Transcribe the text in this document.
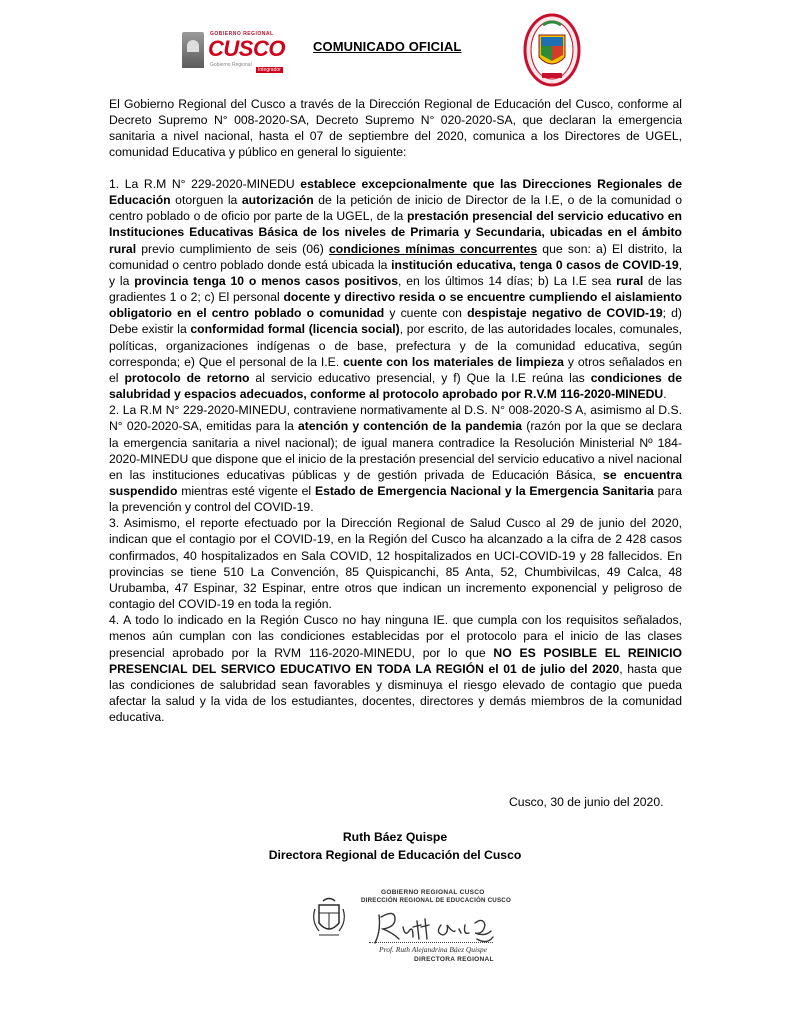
GOBIERNO REGIONAL
CUSCO
Gobierno Regional
Integrador
COMUNICADO OFICIAL

El Gobierno Regional del Cusco a través de la Dirección Regional de Educación del Cusco, conforme al Decreto Supremo N° 008-2020-SA, Decreto Supremo N° 020-2020-SA, que declaran la emergencia sanitaria a nivel nacional, hasta el 07 de septiembre del 2020, comunica a los Directores de UGEL, comunidad Educativa y público en general lo siguiente:

1. La R.M N° 229-2020-MINEDU establece excepcionalmente que las Direcciones Regionales de Educación otorguen la autorización de la petición de inicio de Director de la I.E, o de la comunidad o centro poblado o de oficio por parte de la UGEL, de la prestación presencial del servicio educativo en Instituciones Educativas Básica de los niveles de Primaria y Secundaria, ubicadas en el ámbito rural previo cumplimiento de seis (06) condiciones mínimas concurrentes que son: a) El distrito, la comunidad o centro poblado donde está ubicada la institución educativa, tenga 0 casos de COVID-19, y la provincia tenga 10 o menos casos positivos, en los últimos 14 días; b) La I.E sea rural de las gradientes 1 o 2; c) El personal docente y directivo resida o se encuentre cumpliendo el aislamiento obligatorio en el centro poblado o comunidad y cuente con despistaje negativo de COVID-19; d) Debe existir la conformidad formal (licencia social), por escrito, de las autoridades locales, comunales, políticas, organizaciones indígenas o de base, prefectura y de la comunidad educativa, según corresponda; e) Que el personal de la I.E. cuente con los materiales de limpieza y otros señalados en el protocolo de retorno al servicio educativo presencial, y f) Que la I.E reúna las condiciones de salubridad y espacios adecuados, conforme al protocolo aprobado por R.V.M 116-2020-MINEDU.

2. La R.M N° 229-2020-MINEDU, contraviene normativamente al D.S. N° 008-2020-S A, asimismo al D.S. N° 020-2020-SA, emitidas para la atención y contención de la pandemia (razón por la que se declara la emergencia sanitaria a nivel nacional); de igual manera contradice la Resolución Ministerial Nº 184-2020-MINEDU que dispone que el inicio de la prestación presencial del servicio educativo a nivel nacional en las instituciones educativas públicas y de gestión privada de Educación Básica, se encuentra suspendido mientras esté vigente el Estado de Emergencia Nacional y la Emergencia Sanitaria para la prevención y control del COVID-19.

3. Asimismo, el reporte efectuado por la Dirección Regional de Salud Cusco al 29 de junio del 2020, indican que el contagio por el COVID-19, en la Región del Cusco ha alcanzado a la cifra de 2 428 casos confirmados, 40 hospitalizados en Sala COVID, 12 hospitalizados en UCI-COVID-19 y 28 fallecidos. En provincias se tiene 510 La Convención, 85 Quispicanchi, 85 Anta, 52, Chumbivilcas, 49 Calca, 48 Urubamba, 47 Espinar, 32 Espinar, entre otros que indican un incremento exponencial y peligroso de contagio del COVID-19 en toda la región.

4. A todo lo indicado en la Región Cusco no hay ninguna IE. que cumpla con los requisitos señalados, menos aún cumplan con las condiciones establecidas por el protocolo para el inicio de las clases presencial aprobado por la RVM 116-2020-MINEDU, por lo que NO ES POSIBLE EL REINICIO PRESENCIAL DEL SERVICO EDUCATIVO EN TODA LA REGIÓN el 01 de julio del 2020, hasta que las condiciones de salubridad sean favorables y disminuya el riesgo elevado de contagio que pueda afectar la salud y la vida de los estudiantes, docentes, directores y demás miembros de la comunidad educativa.

Cusco, 30 de junio del 2020.
Ruth Báez Quispe
Directora Regional de Educación del Cusco
GOBIERNO REGIONAL CUSCO
DIRECCIÓN REGIONAL DE EDUCACIÓN CUSCO
Prof. Ruth Alejandrina Báez Quispe
DIRECTORA REGIONAL
